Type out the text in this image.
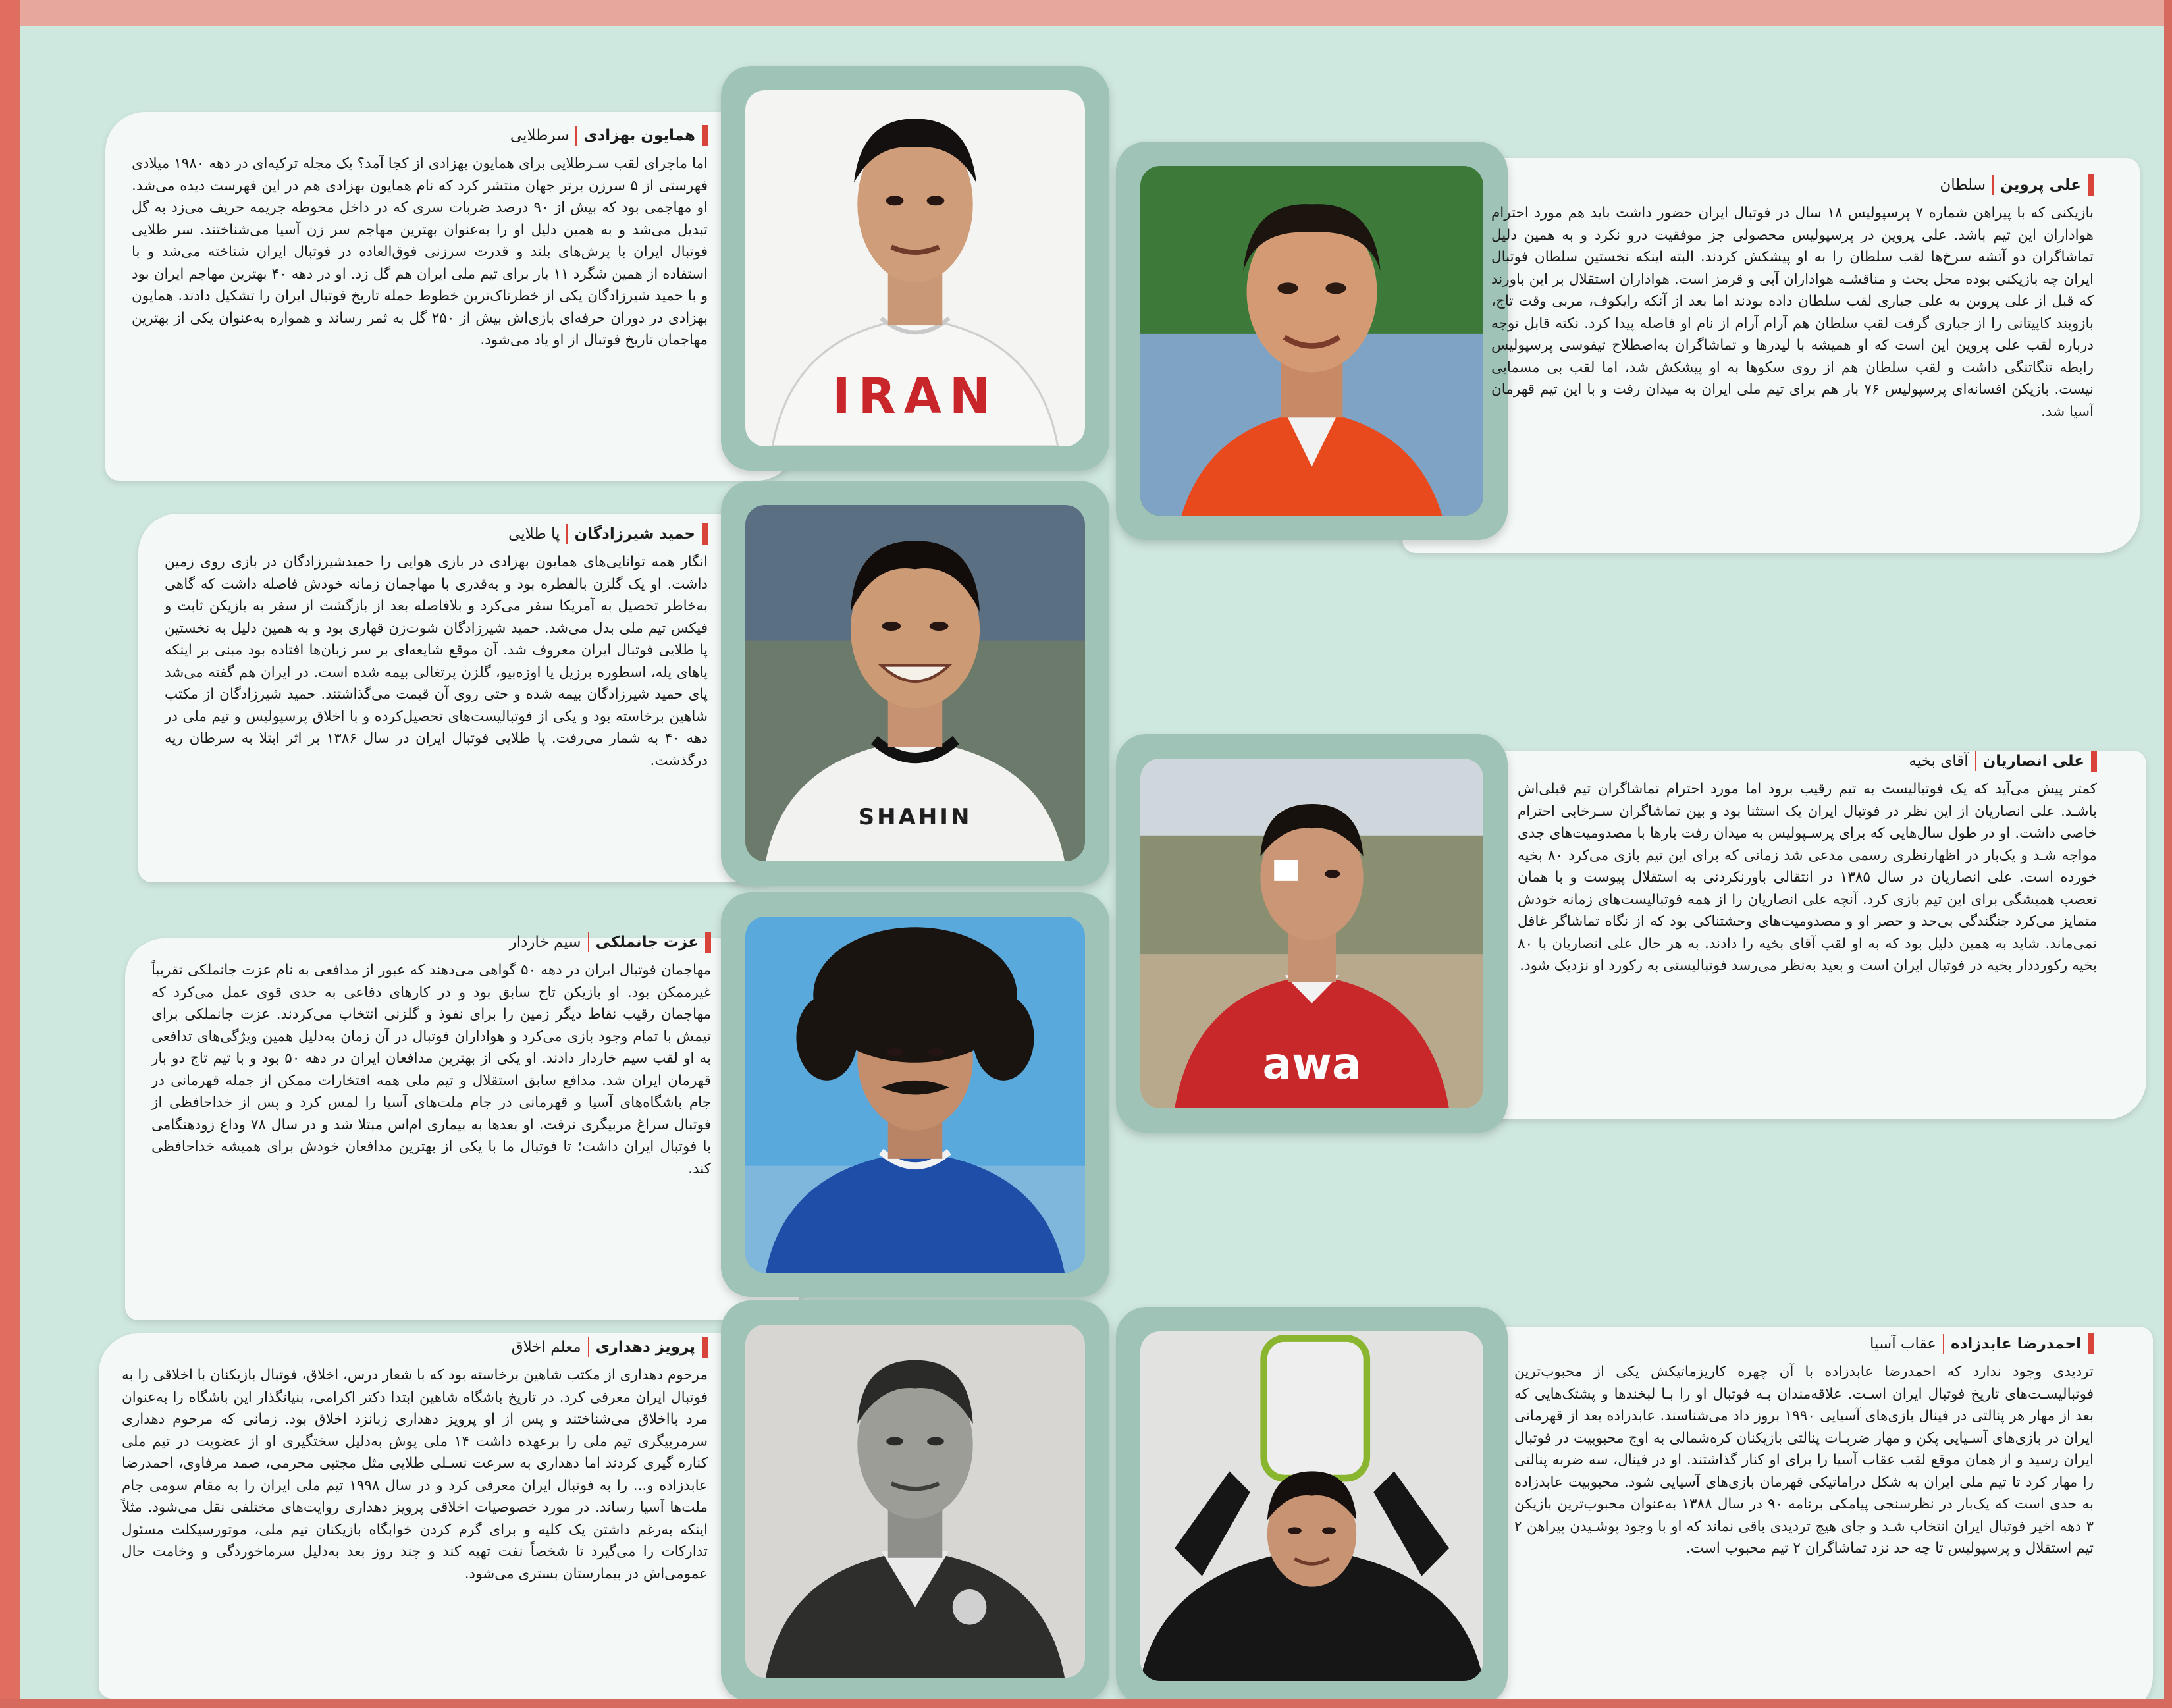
IRAN
SHAHIN
awa
علی پروین
سلطان

بازیکنی که با پیراهن شماره ۷ پرسپولیس ۱۸ سال در فوتبال ایران حضور داشت باید هم مورد احترام هواداران این تیم باشد. علی پروین در پرسپولیس محصولی جز موفقیت درو نکرد و به همین دلیل تماشاگران دو آتشه سرخ‌ها لقب سلطان را به او پیشکش کردند. البته اینکه نخستین سلطان فوتبال ایران چه بازیکنی بوده محل بحث و مناقشـه هواداران آبی و قرمز است. هواداران استقلال بر این باورند که قبل از علی پروین به علی جباری لقب سلطان داده بودند اما بعد از آنکه رایکوف، مربی وقت تاج، بازوبند کاپیتانی را از جباری گرفت لقب سلطان هم آرام آرام از نام او فاصله پیدا کرد. نکته قابل توجه درباره لقب علی پروین این است که او همیشه با لیدرها و تماشاگران به‌اصطلاح تیفوسی پرسپولیس رابطه تنگاتنگی داشت و لقب سلطان هم از روی سکوها به او پیشکش شد، اما لقب بی مسمایی نیست. بازیکن افسانه‌ای پرسپولیس ۷۶ بار هم برای تیم ملی ایران به میدان رفت و با این تیم قهرمان آسیا شد.

همایون بهزادی
سرطلایی

اما ماجرای لقب سـرطلایی برای همایون بهزادی از کجا آمد؟ یک مجله ترکیه‌ای در دهه ۱۹۸۰ میلادی فهرستی از ۵ سرزن برتر جهان منتشر کرد که نام همایون بهزادی هم در این فهرست دیده می‌شد. او مهاجمی بود که بیش از ۹۰ درصد ضربات سری که در داخل محوطه جریمه حریف می‌زد به گل تبدیل می‌شد و به همین دلیل او را به‌عنوان بهترین مهاجم سر زن آسیا می‌شناختند. سر طلایی فوتبال ایران با پرش‌های بلند و قدرت سرزنی فوق‌العاده در فوتبال ایران شناخته می‌شد و با استفاده از همین شگرد ۱۱ بار برای تیم ملی ایران هم گل زد. او در دهه ۴۰ بهترین مهاجم ایران بود و با حمید شیرزادگان یکی از خطرناک‌ترین خطوط حمله تاریخ فوتبال ایران را تشکیل دادند. همایون بهزادی در دوران حرفه‌ای بازی‌اش بیش از ۲۵۰ گل به ثمر رساند و همواره به‌عنوان یکی از بهترین مهاجمان تاریخ فوتبال از او یاد می‌شود.

حمید شیرزادگان
پا طلایی

انگار همه توانایی‌های همایون بهزادی در بازی هوایی را حمیدشیرزادگان در بازی روی زمین داشت. او یک گلزن بالفطره بود و به‌قدری با مهاجمان زمانه خودش فاصله داشت که گاهی به‌خاطر تحصیل به آمریکا سفر می‌کرد و بلافاصله بعد از بازگشت از سفر به بازیکن ثابت و فیکس تیم ملی بدل می‌شد. حمید شیرزادگان شوت‌زن قهاری بود و به همین دلیل به نخستین پا طلایی فوتبال ایران معروف شد. آن موقع شایعه‌ای بر سر زبان‌ها افتاده بود مبنی بر اینکه پاهای پله، اسطوره برزیل یا اوزه‌بیو، گلزن پرتغالی بیمه شده است. در ایران هم گفته می‌شد پای حمید شیرزادگان بیمه شده و حتی روی آن قیمت می‌گذاشتند. حمید شیرزادگان از مکتب شاهین برخاسته بود و یکی از فوتبالیست‌های تحصیل‌کرده و با اخلاق پرسپولیس و تیم ملی در دهه ۴۰ به شمار می‌رفت. پا طلایی فوتبال ایران در سال ۱۳۸۶ بر اثر ابتلا به سرطان ریه درگذشت.	علی انصاریان
آقای بخیه

کمتر پیش می‌آید که یک فوتبالیست به تیم رقیب برود اما مورد احترام تماشاگران تیم قبلی‌اش باشـد. علی انصاریان از این نظر در فوتبال ایران یک استثنا بود و بین تماشاگران سـرخابی احترام خاصی داشت. او در طول سال‌هایی که برای پرسـپولیس به میدان رفت بارها با مصدومیت‌های جدی مواجه شـد و یک‌بار در اظهارنظری رسمی مدعی شد زمانی که برای این تیم بازی می‌کرد ۸۰ بخیه خورده است. علی انصاریان در سال ۱۳۸۵ در انتقالی باورنکردنی به استقلال پیوست و با همان تعصب همیشگی برای این تیم بازی کرد. آنچه علی انصاریان را از همه فوتبالیست‌های زمانه خودش متمایز می‌کرد جنگندگی بی‌حد و حصر او و مصدومیت‌های وحشتناکی بود که از نگاه تماشاگر غافل نمی‌ماند. شاید به همین دلیل بود که به او لقب آقای بخیه را دادند. به هر حال علی انصاریان با ۸۰ بخیه رکورددار بخیه در فوتبال ایران است و بعید به‌نظر می‌رسد فوتبالیستی به رکورد او نزدیک شود.

عزت جانملکی
سیم خاردار

مهاجمان فوتبال ایران در دهه ۵۰ گواهی می‌دهند که عبور از مدافعی به نام عزت جانملکی تقریباً غیرممکن بود. او بازیکن تاج سابق بود و در کارهای دفاعی به حدی قوی عمل می‌کرد که مهاجمان رقیب نقاط دیگر زمین را برای نفوذ و گلزنی انتخاب می‌کردند. عزت جانملکی برای تیمش با تمام وجود بازی می‌کرد و هواداران فوتبال در آن زمان به‌دلیل همین ویژگی‌های تدافعی به او لقب سیم خاردار دادند. او یکی از بهترین مدافعان ایران در دهه ۵۰ بود و با تیم تاج دو بار قهرمان ایران شد. مدافع سابق استقلال و تیم ملی همه افتخارات ممکن از جمله قهرمانی در جام باشگاه‌های آسیا و قهرمانی در جام ملت‌های آسیا را لمس کرد و پس از خداحافظی از فوتبال سراغ مربیگری نرفت. او بعدها به بیماری ام‌اس مبتلا شد و در سال ۷۸ وداع زودهنگامی با فوتبال ایران داشت؛ تا فوتبال ما با یکی از بهترین مدافعان خودش برای همیشه خداحافظی کند.

احمدرضا عابدزاده
عقاب آسیا

تردیدی وجود ندارد که احمدرضا عابدزاده با آن چهره کاریزماتیکش یکی از محبوب‌ترین فوتبالیسـت‌های تاریخ فوتبال ایران اسـت. علاقه‌مندان بـه فوتبال او را بـا لبخندها و پشتک‌هایی که بعد از مهار هر پنالتی در فینال بازی‌های آسیایی ۱۹۹۰ بروز داد می‌شناسند. عابدزاده بعد از قهرمانی ایران در بازی‌های آسـیایی پکن و مهار ضربـات پنالتی بازیکنان کره‌شمالی به اوج محبوبیت در فوتبال ایران رسید و از همان موقع لقب عقاب آسیا را برای او کنار گذاشتند. او در فینال، سه ضربه پنالتی را مهار کرد تا تیم ملی ایران به شکل دراماتیکی قهرمان بازی‌های آسیایی شود. محبوبیت عابدزاده به حدی است که یک‌بار در نظرسنجی پیامکی برنامه ۹۰ در سال ۱۳۸۸ به‌عنوان محبوب‌ترین بازیکن ۳ دهه اخیر فوتبال ایران انتخاب شـد و جای هیچ تردیدی باقی نماند که او با وجود پوشـیدن پیراهن ۲ تیم استقلال و پرسپولیس تا چه حد نزد تماشاگران ۲ تیم محبوب است.

پرویز دهداری
معلم اخلاق

مرحوم دهداری از مکتب شاهین برخاسته بود که با شعار درس، اخلاق، فوتبال بازیکنان با اخلاقی را به فوتبال ایران معرفی کرد. در تاریخ باشگاه شاهین ابتدا دکتر اکرامی، بنیانگذار این باشگاه را به‌عنوان مرد بااخلاق می‌شناختند و پس از او پرویز دهداری زبانزد اخلاق بود. زمانی که مرحوم دهداری سرمربیگری تیم ملی را برعهده داشت ۱۴ ملی پوش به‌دلیل سختگیری او از عضویت در تیم ملی کناره گیری کردند اما دهداری به سرعت نسـلی طلایی مثل مجتبی محرمی، صمد مرفاوی، احمدرضا عابدزاده و... را به فوتبال ایران معرفی کرد و در سال ۱۹۹۸ تیم ملی ایران را به مقام سومی جام ملت‌ها آسیا رساند. در مورد خصوصیات اخلاقی پرویز دهداری روایت‌های مختلفی نقل می‌شود. مثلاً اینکه به‌رغم داشتن یک کلیه و برای گرم کردن خوابگاه بازیکنان تیم ملی، موتورسیکلت مسئول تدارکات را می‌گیرد تا شخصاً نفت تهیه کند و چند روز بعد به‌دلیل سرماخوردگی و وخامت حال عمومی‌اش در بیمارستان بستری می‌شود.
